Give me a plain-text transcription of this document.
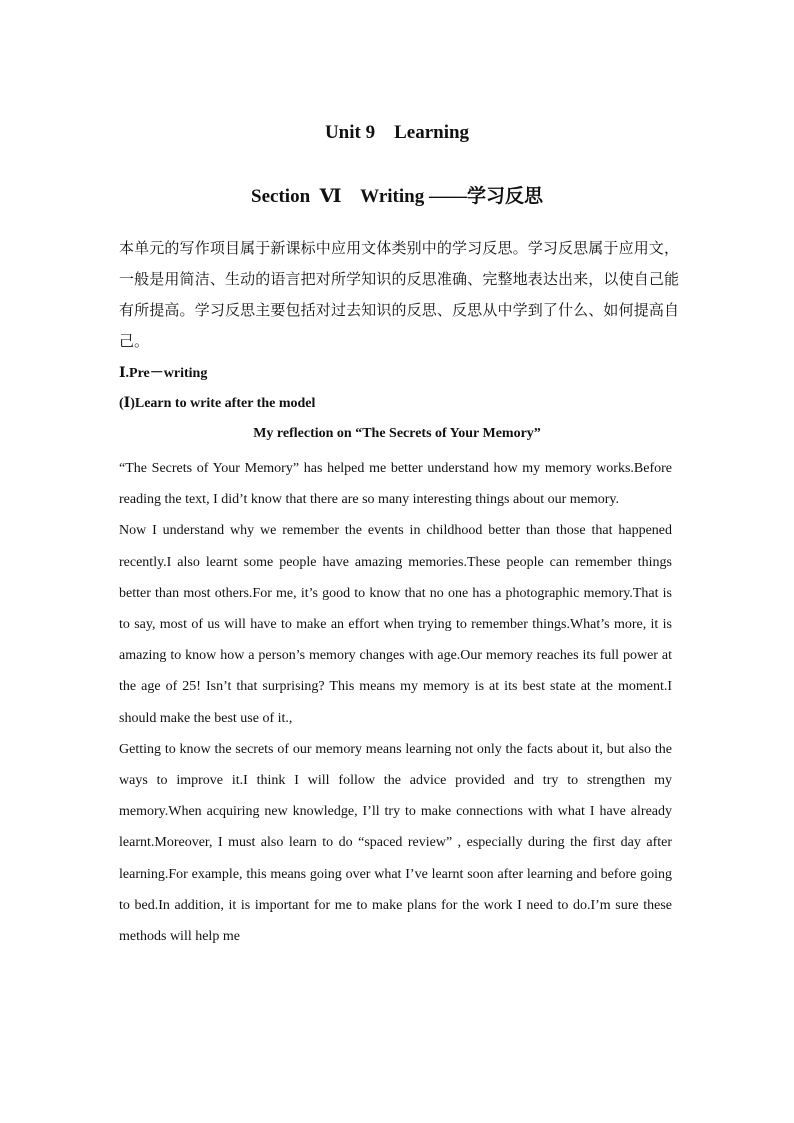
Unit 9    Learning
Section  Ⅵ    Writing ——学习反思

本单元的写作项目属于新课标中应用文体类别中的学习反思。学习反思属于应用文，一般是用简洁、生动的语言把对所学知识的反思准确、完整地表达出来，以使自己能有所提高。学习反思主要包括对过去知识的反思、反思从中学到了什么、如何提高自己。

Ⅰ.Pre－writing

(Ⅰ)Learn to write after the model

My reflection on “The Secrets of Your Memory”

“The Secrets of Your Memory” has helped me better understand how my memory works.Before reading the text, I did’t know that there are so many interesting things about our memory.

Now I understand why we remember the events in childhood better than those that happened recently.I also learnt some people have amazing memories.These people can remember things better than most others.For me, it’s good to know that no one has a photographic memory.That is to say, most of us will have to make an effort when trying to remember things.What’s more, it is amazing to know how a person’s memory changes with age.Our memory reaches its full power at the age of 25! Isn’t that surprising? This means my memory is at its best state at the moment.I should make the best use of it.,

Getting to know the secrets of our memory means learning not only the facts about it, but also the ways to improve it.I think I will follow the advice provided and try to strengthen my memory.When acquiring new knowledge, I’ll try to make connections with what I have already learnt.Moreover, I must also learn to do “spaced review” , especially during the first day after learning.For example, this means going over what I’ve learnt soon after learning and before going to bed.In addition, it is important for me to make plans for the work I need to do.I’m sure these methods will help me
